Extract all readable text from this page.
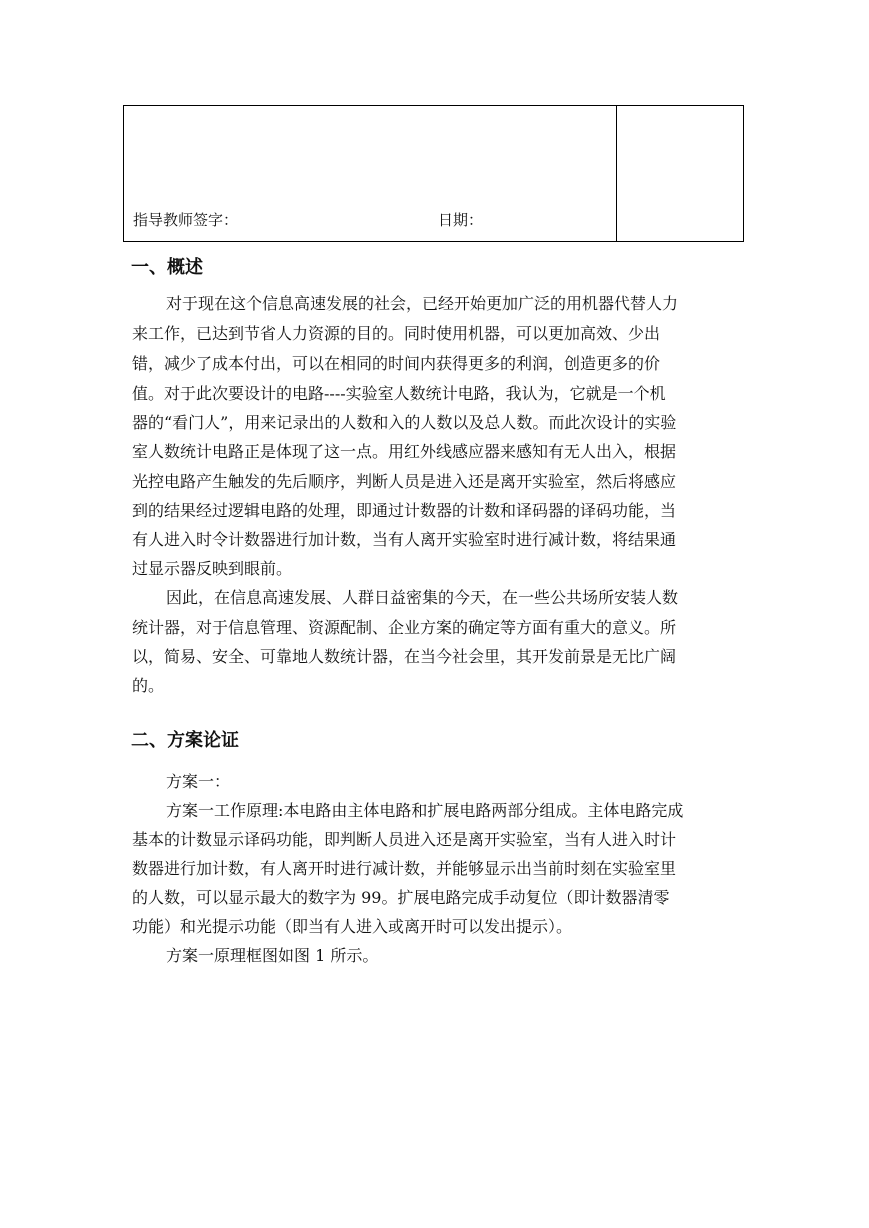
指导教师签字：	日期：
一、概述
对于现在这个信息高速发展的社会，已经开始更加广泛的用机器代替人力
来工作，已达到节省人力资源的目的。同时使用机器，可以更加高效、少出
错，减少了成本付出，可以在相同的时间内获得更多的利润，创造更多的价
值。对于此次要设计的电路----实验室人数统计电路，我认为，它就是一个机
器的“看门人”，用来记录出的人数和入的人数以及总人数。而此次设计的实验
室人数统计电路正是体现了这一点。用红外线感应器来感知有无人出入，根据
光控电路产生触发的先后顺序，判断人员是进入还是离开实验室，然后将感应
到的结果经过逻辑电路的处理，即通过计数器的计数和译码器的译码功能，当
有人进入时令计数器进行加计数，当有人离开实验室时进行减计数，将结果通
过显示器反映到眼前。
因此，在信息高速发展、人群日益密集的今天，在一些公共场所安装人数
统计器，对于信息管理、资源配制、企业方案的确定等方面有重大的意义。所
以，简易、安全、可靠地人数统计器，在当今社会里，其开发前景是无比广阔
的。
二、方案论证
方案一：
方案一工作原理:本电路由主体电路和扩展电路两部分组成。主体电路完成
基本的计数显示译码功能，即判断人员进入还是离开实验室，当有人进入时计
数器进行加计数，有人离开时进行减计数，并能够显示出当前时刻在实验室里
的人数，可以显示最大的数字为 99。扩展电路完成手动复位（即计数器清零
功能）和光提示功能（即当有人进入或离开时可以发出提示）。
方案一原理框图如图 1 所示。
